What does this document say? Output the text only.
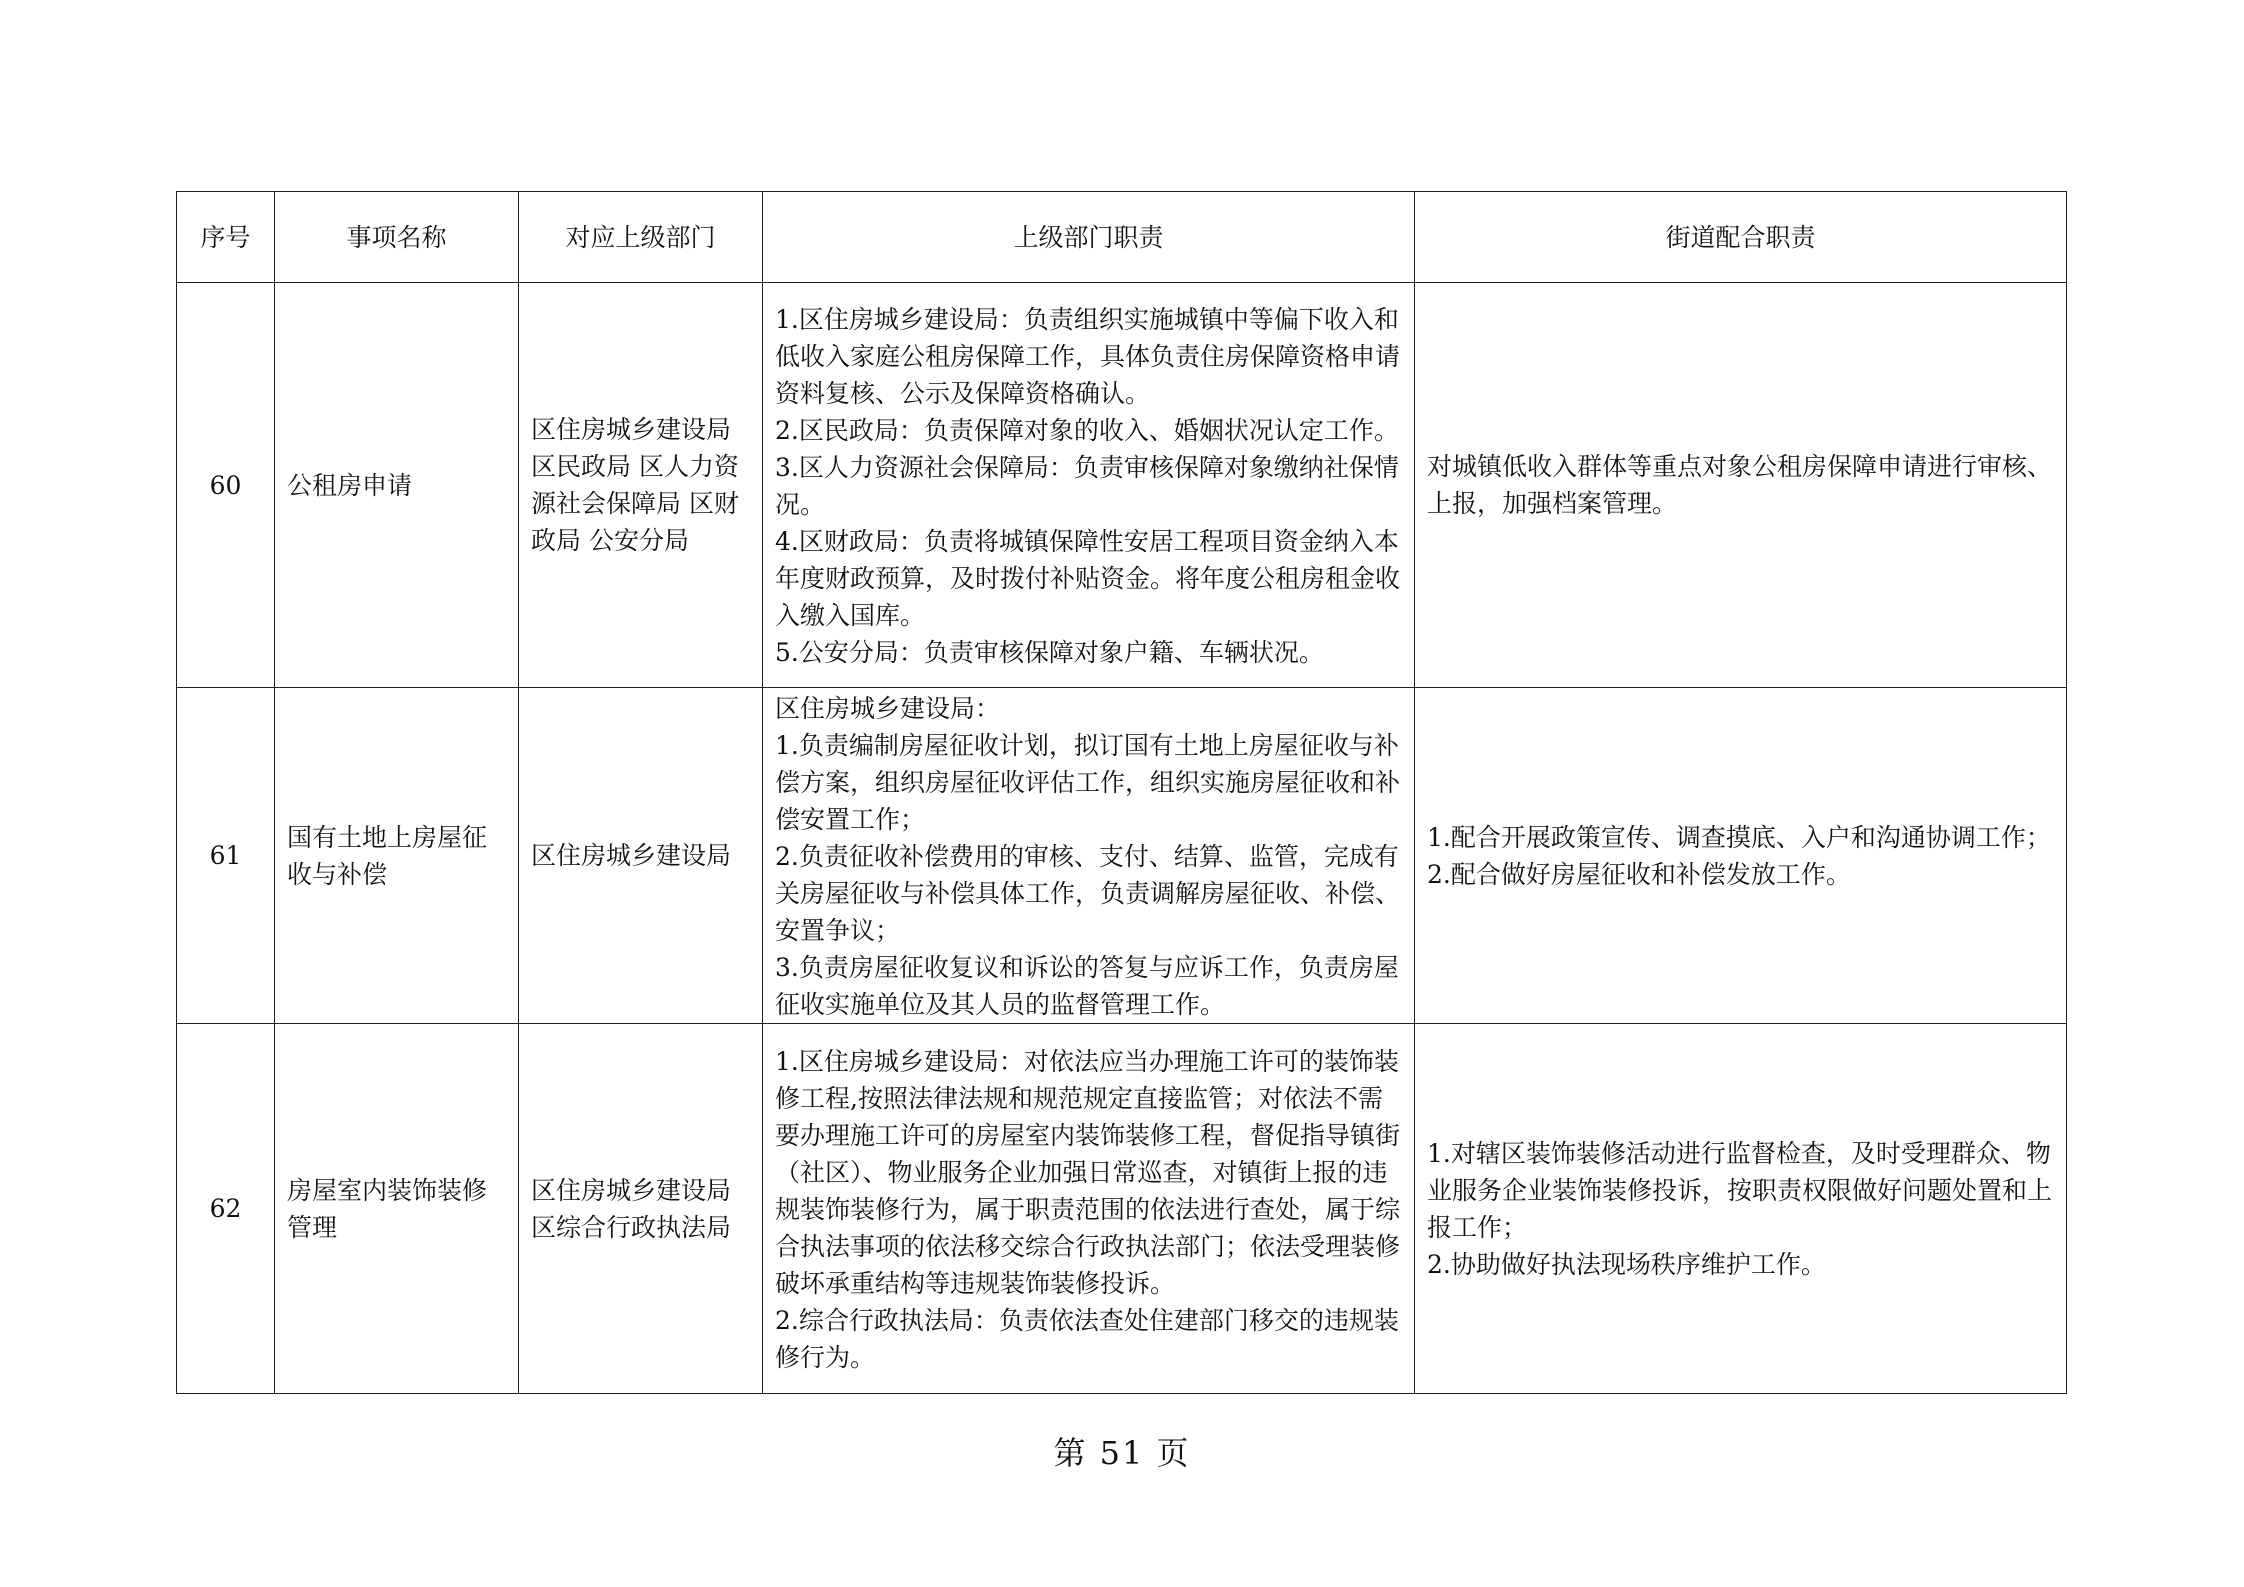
序号	事项名称	对应上级部门	上级部门职责	街道配合职责
60	公租房申请	区住房城乡建设局 区民政局 区人力资源社会保障局 区财政局 公安分局	1.区住房城乡建设局：负责组织实施城镇中等偏下收入和低收入家庭公租房保障工作，具体负责住房保障资格申请资料复核、公示及保障资格确认。
2.区民政局：负责保障对象的收入、婚姻状况认定工作。
3.区人力资源社会保障局：负责审核保障对象缴纳社保情况。
4.区财政局：负责将城镇保障性安居工程项目资金纳入本年度财政预算，及时拨付补贴资金。将年度公租房租金收入缴入国库。
5.公安分局：负责审核保障对象户籍、车辆状况。	对城镇低收入群体等重点对象公租房保障申请进行审核、上报，加强档案管理。

61	国有土地上房屋征收与补偿	区住房城乡建设局	区住房城乡建设局：
1.负责编制房屋征收计划，拟订国有土地上房屋征收与补偿方案，组织房屋征收评估工作，组织实施房屋征收和补偿安置工作；
2.负责征收补偿费用的审核、支付、结算、监管，完成有关房屋征收与补偿具体工作，负责调解房屋征收、补偿、安置争议；
3.负责房屋征收复议和诉讼的答复与应诉工作，负责房屋征收实施单位及其人员的监督管理工作。	1.配合开展政策宣传、调查摸底、入户和沟通协调工作；
2.配合做好房屋征收和补偿发放工作。

62	房屋室内装饰装修管理	区住房城乡建设局 区综合行政执法局	1.区住房城乡建设局：对依法应当办理施工许可的装饰装修工程,按照法律法规和规范规定直接监管；对依法不需要办理施工许可的房屋室内装饰装修工程，督促指导镇街（社区）、物业服务企业加强日常巡查，对镇街上报的违规装饰装修行为，属于职责范围的依法进行查处，属于综合执法事项的依法移交综合行政执法部门；依法受理装修破坏承重结构等违规装饰装修投诉。
2.综合行政执法局：负责依法查处住建部门移交的违规装修行为。	1.对辖区装饰装修活动进行监督检查，及时受理群众、物业服务企业装饰装修投诉，按职责权限做好问题处置和上报工作；
2.协助做好执法现场秩序维护工作。
第 51 页
